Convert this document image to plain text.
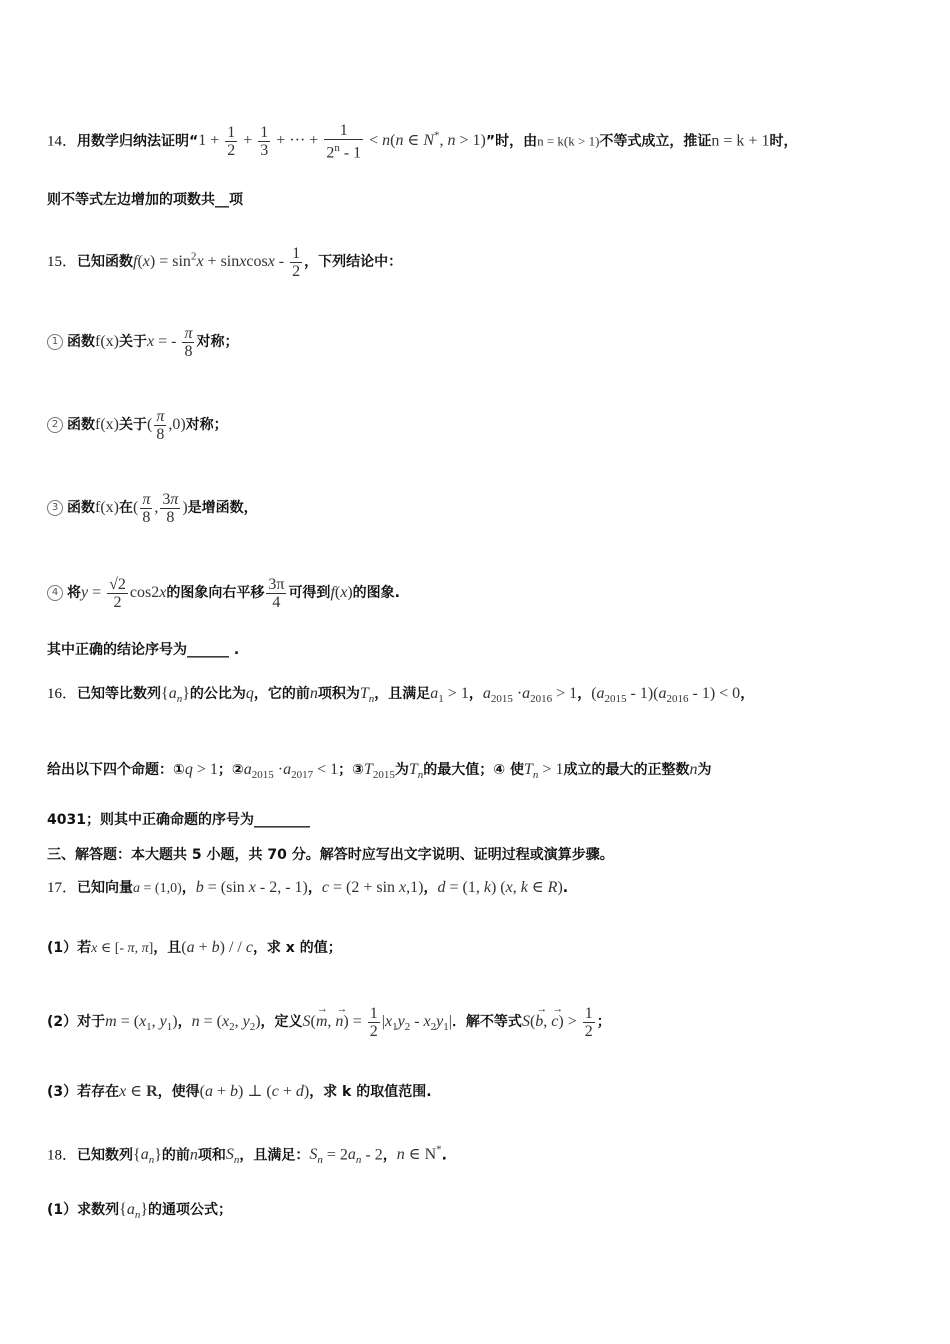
14．用数学归纳法证明“$1 + \frac{1}{2} + \frac{1}{3}$ + ··· + $\frac{1}{2^n - 1} < n(n$ ∈ N*, n > 1)”时，由n = k(k > 1)不等式成立，推证n = k + 1时，
则不等式左边增加的项数共__项
15．已知函数$f(x) = \sin^2x$ + sinxcosx - $\frac{1}{2}$ ，下列结论中：
1 函数f(x)关于x = - $\frac{\pi}{8}$ 对称；
2 函数f(x)关于( $\frac{\pi}{8} ,0$)对称；
3 函数f(x)在( $\frac{\pi}{8}$ , $\frac{3\pi}{8}$ )是增函数，
4 将$y = \frac{√2}{2} \cos 2x$的图象向右平移 $\frac{3\pi}{4}$ 可得到f(x)的图象.
其中正确的结论序号为______ .
16．已知等比数列$\{a_n\}$的公比为q，它的前n项积为$T_n$，且满足$a_1 > 1$，$a_{2015} \cdot a_{2016} > 1$，$(a_{2015} - 1)(a_{2016} - 1) < 0$，
给出以下四个命题：①q > 1；$②a_{2015} \cdot a_{2017} < 1$；$③T_{2015}$为$T_n$的最大值；④ 使$T_n > 1$成立的最大的正整数n为
4031；则其中正确命题的序号为________
三、解答题：本大题共 5 小题，共 70 分。解答时应写出文字说明、证明过程或演算步骤。
17．已知向量a = (1,0)，b = (sin x - 2, - 1)，c = (2 + sin x,1)，d = (1, k) (x, k ∈ R).
(1）若x ∈ [- π, π]，且(a + b) / / c，求 x 的值；
(2）对于$m = (x_1$, $y_1$)，$n = (x_2$, $y_2$)，定义S(→ m, → $n) = \frac{1}{2} |x_1y_2 - x_2y_1|$．解不等式S(→ b, → $c) > \frac{1}{2}$ ；
(3）若存在x ∈ R，使得(a + b) ⊥ (c + d)，求 k 的取值范围.
18．已知数列$\{a_n\}$的前n项和$S_n$，且满足：$S_n = 2a_n - 2$，n ∈ N*.
(1）求数列$\{a_n\}$的通项公式；
